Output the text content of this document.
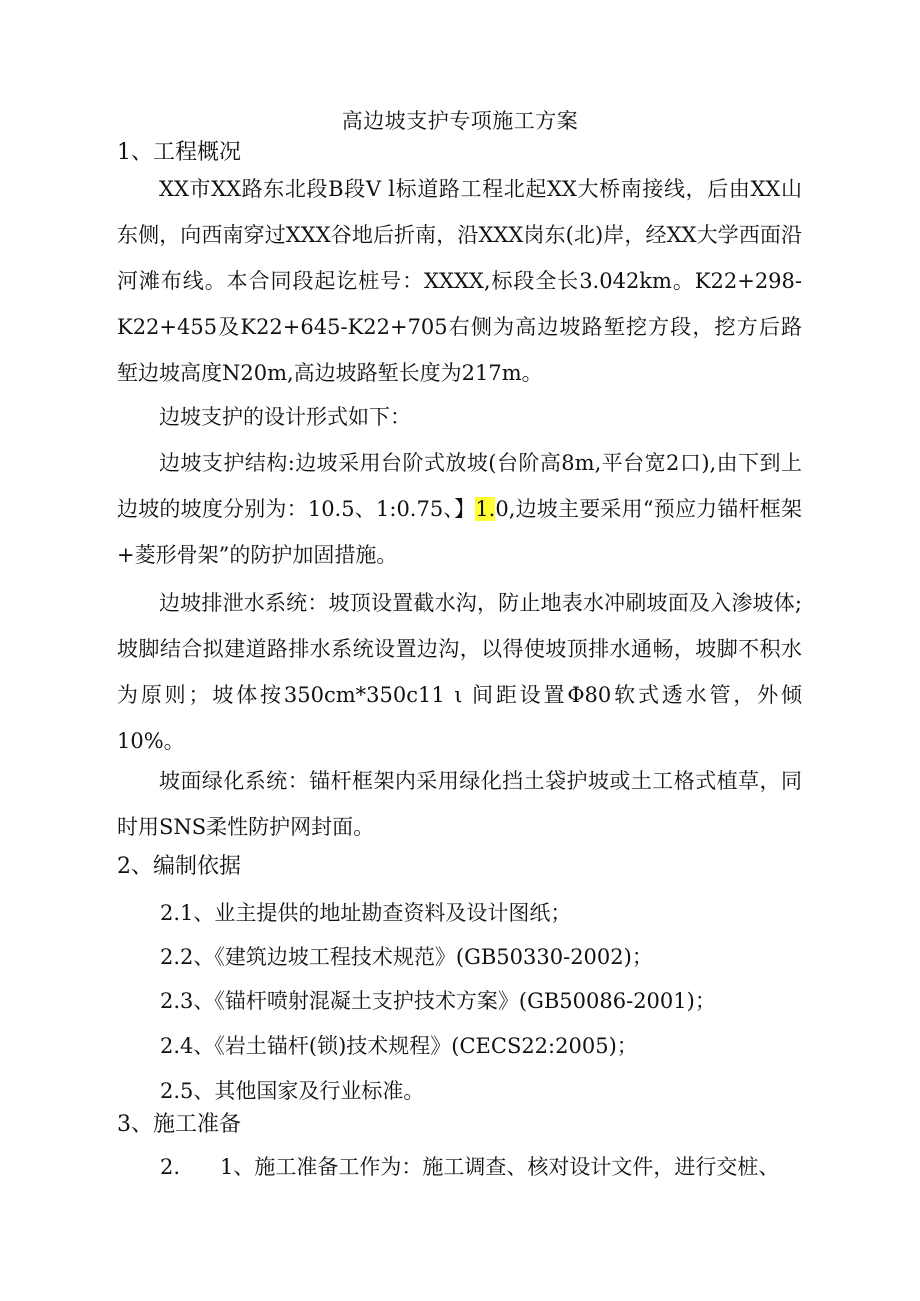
高边坡支护专项施工方案
1、工程概况

XX市XX路东北段B段V l标道路工程北起XX大桥南接线，后由XX山东侧，向西南穿过XXX谷地后折南，沿XXX岗东(北)岸，经XX大学西面沿河滩布线。本合同段起讫桩号：XXXX,标段全长3.042km。K22+298-K22+455及K22+645-K22+705右侧为高边坡路堑挖方段，挖方后路堑边坡高度N20m,高边坡路堑长度为217m。

边坡支护的设计形式如下：

边坡支护结构:边坡采用台阶式放坡(台阶高8m,平台宽2口),由下到上边坡的坡度分别为：10.5、1:0.75、】1.0,边坡主要采用“预应力锚杆框架+菱形骨架”的防护加固措施。

边坡排泄水系统：坡顶设置截水沟，防止地表水冲刷坡面及入渗坡体;坡脚结合拟建道路排水系统设置边沟，以得使坡顶排水通畅，坡脚不积水为原则；坡体按350cm*350c11 ι 间距设置Φ80软式透水管，外倾10%。

坡面绿化系统：锚杆框架内采用绿化挡土袋护坡或土工格式植草，同时用SNS柔性防护网封面。

2、编制依据
2.1、业主提供的地址勘查资料及设计图纸；
2.2、《建筑边坡工程技术规范》(GB50330-2002)；
2.3、《锚杆喷射混凝土支护技术方案》(GB50086-2001)；
2.4、《岩土锚杆(锁)技术规程》(CECS22:2005)；
2.5、其他国家及行业标准。
3、施工准备
2. 1、施工准备工作为：施工调查、核对设计文件，进行交桩、
